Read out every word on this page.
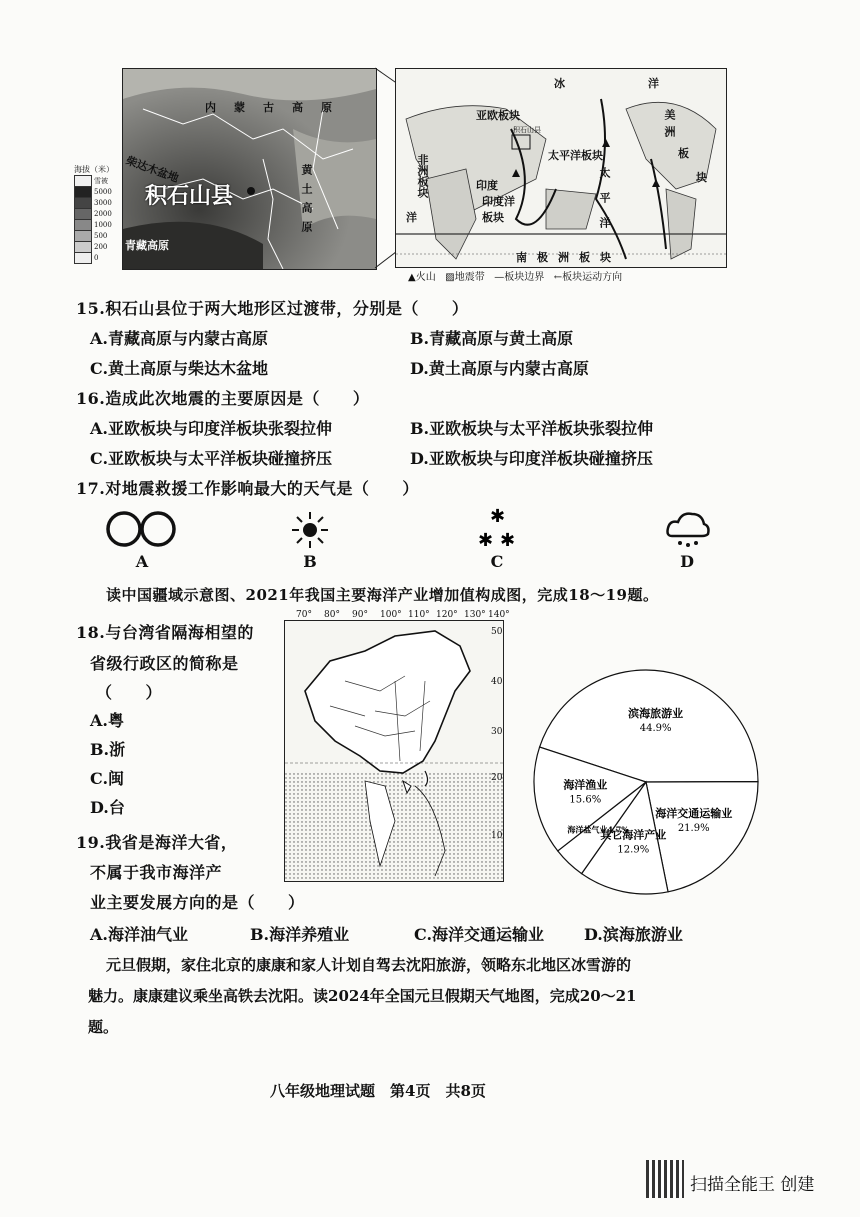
内蒙古高原
柴达木盆地
积石山县	黄土高原
青藏高原
海拔（米）
雪被
5000
3000
2000
1000
500
200
0
冰	洋
亚欧板块
积石山县	美洲
太平洋板块
非洲板块	印度
印度洋板块	太平洋
板
块
洋
南极洲板块
▲火山 ▨地震带 —板块边界 ←板块运动方向
15.积石山县位于两大地形区过渡带，分别是（　　）
A.青藏高原与内蒙古高原	B.青藏高原与黄土高原
C.黄土高原与柴达木盆地	D.黄土高原与内蒙古高原
16.造成此次地震的主要原因是（　　）
A.亚欧板块与印度洋板块张裂拉伸	B.亚欧板块与太平洋板块张裂拉伸
C.亚欧板块与太平洋板块碰撞挤压	D.亚欧板块与印度洋板块碰撞挤压
17.对地震救援工作影响最大的天气是（　　）
A	B
✱
✱ ✱
C	D
读中国疆域示意图、2021年我国主要海洋产业增加值构成图，完成18～19题。
70° 80° 90° 100° 110° 120° 130° 140°
50
40
30
20
10
18.与台湾省隔海相望的
省级行政区的简称是
（　　）
A.粤
B.浙
C.闽
D.台
19.我省是海洋大省，
不属于我市海洋产
业主要发展方向的是（　　）
A.海洋油气业	B.海洋养殖业	C.海洋交通运输业 D.滨海旅游业
滨海旅游业
44.9%
海洋交通运输业
21.9%
其它海洋产业
12.9%
海洋盐气业4.7%
海洋渔业
15.6%
元旦假期，家住北京的康康和家人计划自驾去沈阳旅游，领略东北地区冰雪游的
魅力。康康建议乘坐高铁去沈阳。读2024年全国元旦假期天气地图，完成20～21
题。
八年级地理试题　第4页　共8页
扫描全能王 创建
